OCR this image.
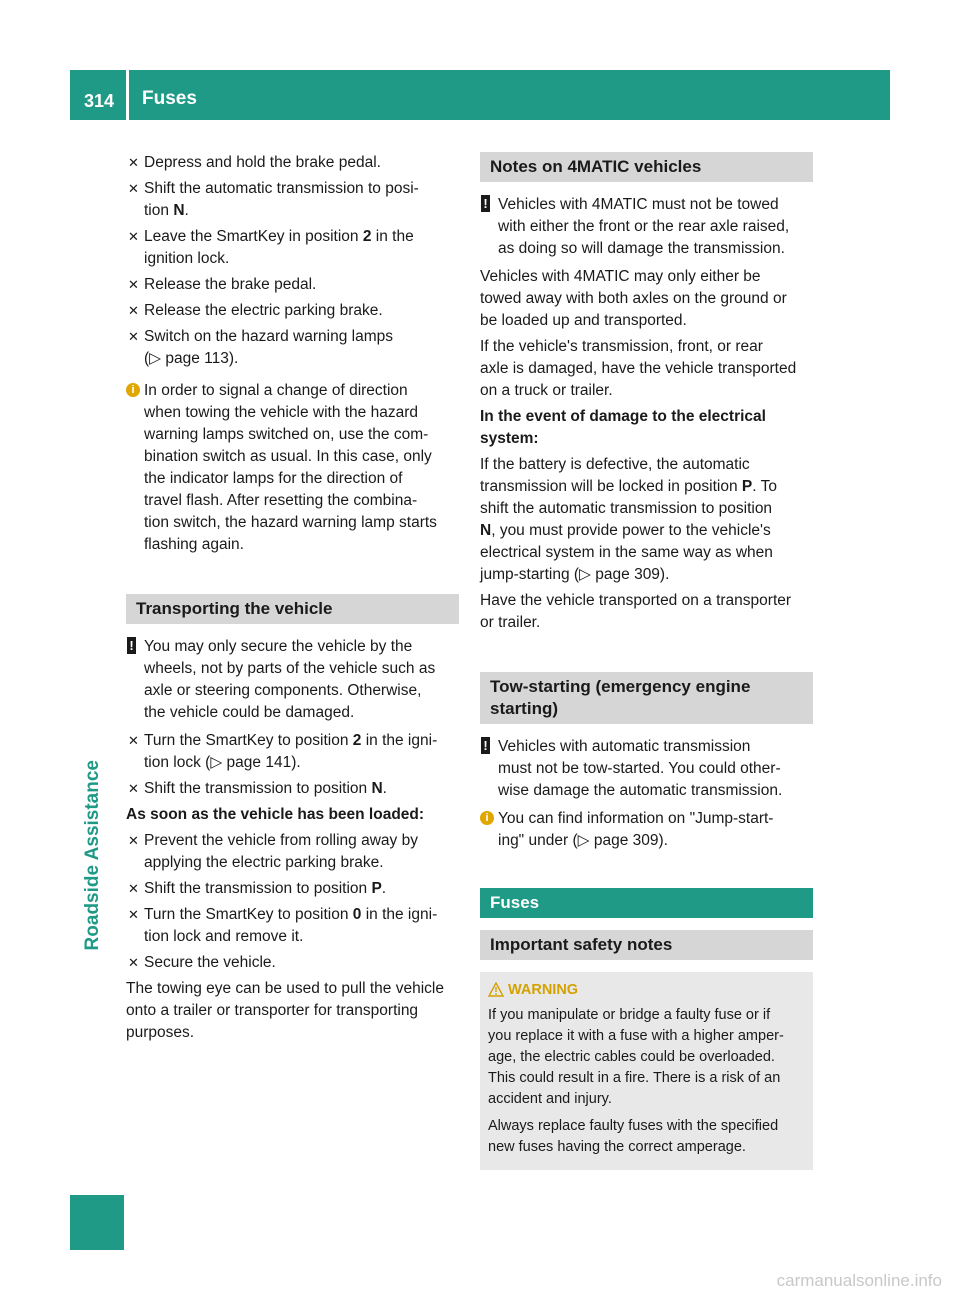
314 Fuses
Roadside Assistance
✕ Depress and hold the brake pedal.
✕ Shift the automatic transmission to posi-
tion N.
✕ Leave the SmartKey in position 2 in the
ignition lock.
✕ Release the brake pedal.
✕ Release the electric parking brake.
✕ Switch on the hazard warning lamps
(▷ page 113).
i In order to signal a change of direction
when towing the vehicle with the hazard
warning lamps switched on, use the com-
bination switch as usual. In this case, only
the indicator lamps for the direction of
travel flash. After resetting the combina-
tion switch, the hazard warning lamp starts
flashing again.
Transporting the vehicle
! You may only secure the vehicle by the
wheels, not by parts of the vehicle such as
axle or steering components. Otherwise,
the vehicle could be damaged.
✕ Turn the SmartKey to position 2 in the igni-
tion lock (▷ page 141).
✕ Shift the transmission to position N.
As soon as the vehicle has been loaded:
✕ Prevent the vehicle from rolling away by
applying the electric parking brake.
✕ Shift the transmission to position P.
✕ Turn the SmartKey to position 0 in the igni-
tion lock and remove it.
✕ Secure the vehicle.
The towing eye can be used to pull the vehicle
onto a trailer or transporter for transporting
purposes.
Notes on 4MATIC vehicles
! Vehicles with 4MATIC must not be towed
with either the front or the rear axle raised,
as doing so will damage the transmission.
Vehicles with 4MATIC may only either be
towed away with both axles on the ground or
be loaded up and transported.
If the vehicle's transmission, front, or rear
axle is damaged, have the vehicle transported
on a truck or trailer.
In the event of damage to the electrical
system:
If the battery is defective, the automatic
transmission will be locked in position P. To
shift the automatic transmission to position
N, you must provide power to the vehicle's
electrical system in the same way as when
jump-starting (▷ page 309).
Have the vehicle transported on a transporter
or trailer.
Tow-starting (emergency engine
starting)
! Vehicles with automatic transmission
must not be tow-started. You could other-
wise damage the automatic transmission.
i You can find information on "Jump-start-
ing" under (▷ page 309).
Fuses
Important safety notes
WARNING

If you manipulate or bridge a faulty fuse or if
you replace it with a fuse with a higher amper-
age, the electric cables could be overloaded.
This could result in a fire. There is a risk of an
accident and injury.

Always replace faulty fuses with the specified
new fuses having the correct amperage.

carmanualsonline.info
